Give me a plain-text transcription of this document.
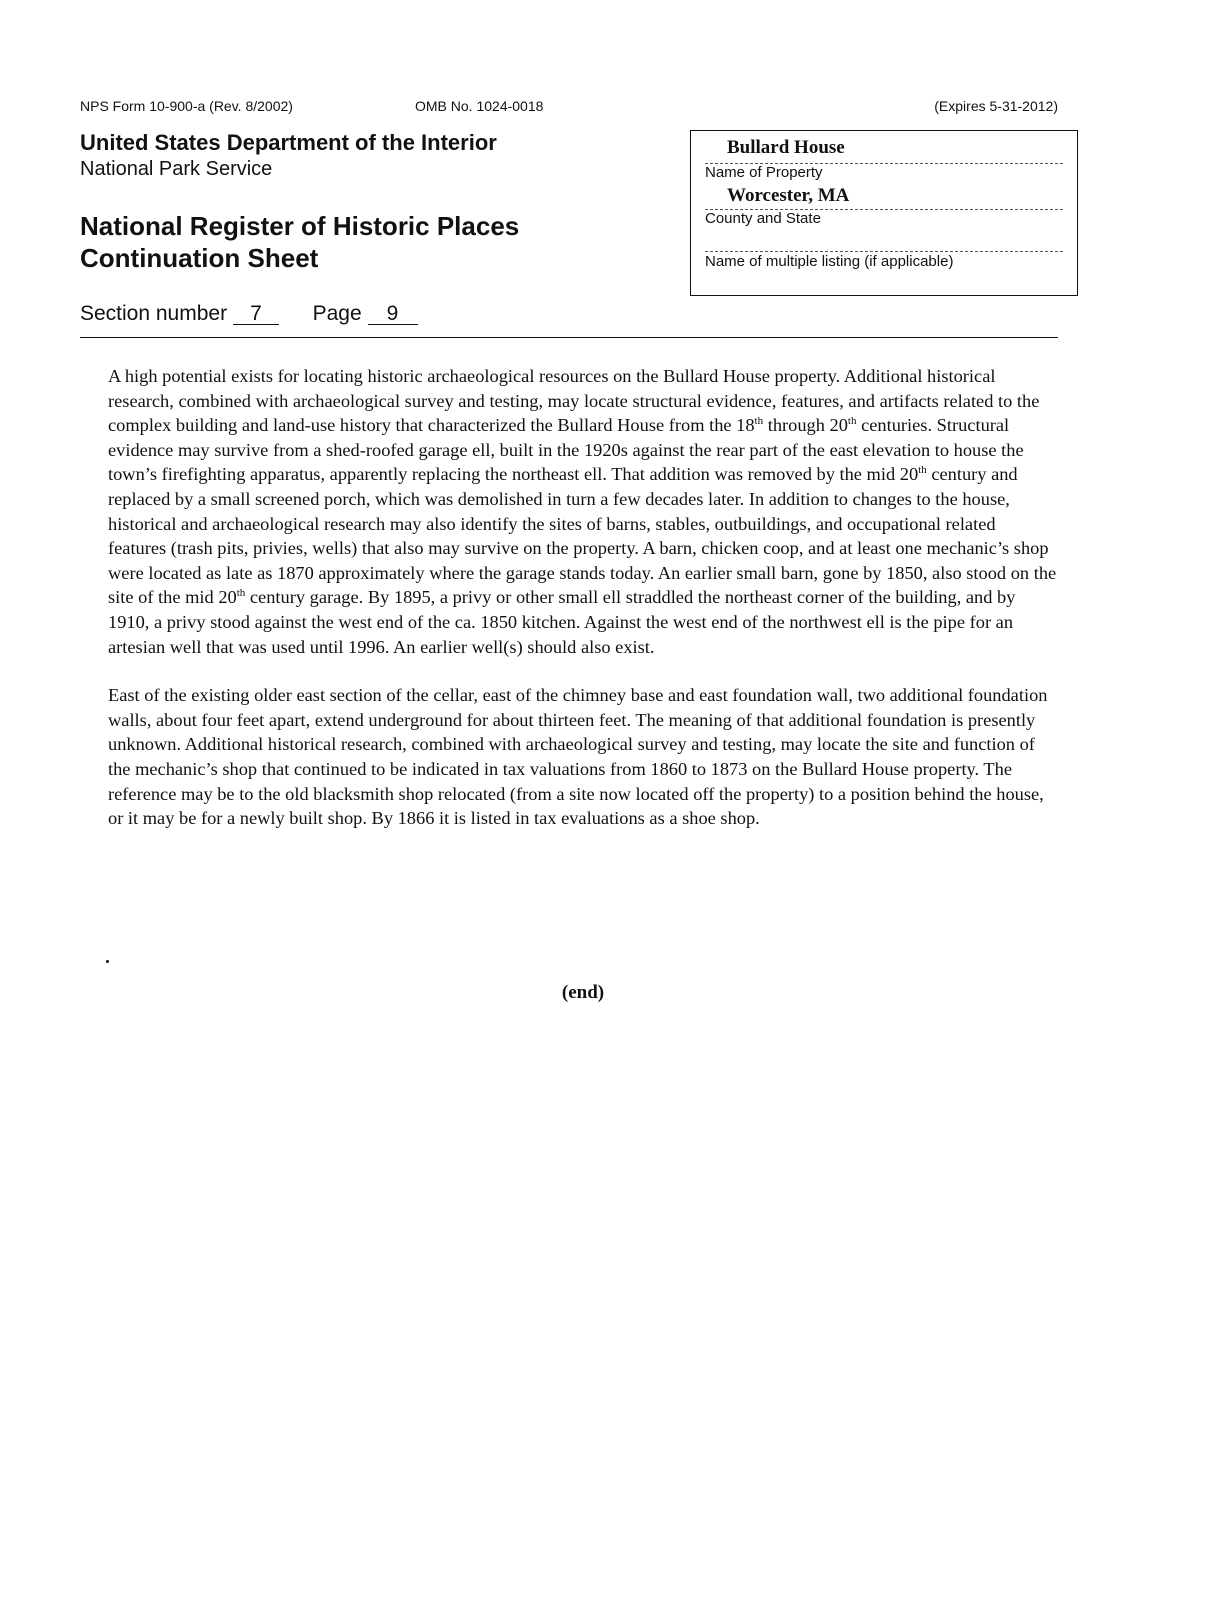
NPS Form 10-900-a (Rev. 8/2002)	OMB No. 1024-0018	(Expires 5-31-2012)
United States Department of the Interior
National Park Service
National Register of Historic Places
Continuation Sheet
Section number 7 Page 9
Bullard House
Name of Property
Worcester, MA
County and State
Name of multiple listing (if applicable)

A high potential exists for locating historic archaeological resources on the Bullard House property. Additional historical research, combined with archaeological survey and testing, may locate structural evidence, features, and artifacts related to the complex building and land-use history that characterized the Bullard House from the 18th through 20th centuries. Structural evidence may survive from a shed-roofed garage ell, built in the 1920s against the rear part of the east elevation to house the town’s firefighting apparatus, apparently replacing the northeast ell. That addition was removed by the mid 20th century and replaced by a small screened porch, which was demolished in turn a few decades later. In addition to changes to the house, historical and archaeological research may also identify the sites of barns, stables, outbuildings, and occupational related features (trash pits, privies, wells) that also may survive on the property. A barn, chicken coop, and at least one mechanic’s shop were located as late as 1870 approximately where the garage stands today. An earlier small barn, gone by 1850, also stood on the site of the mid 20th century garage. By 1895, a privy or other small ell straddled the northeast corner of the building, and by 1910, a privy stood against the west end of the ca. 1850 kitchen. Against the west end of the northwest ell is the pipe for an artesian well that was used until 1996. An earlier well(s) should also exist.

East of the existing older east section of the cellar, east of the chimney base and east foundation wall, two additional foundation walls, about four feet apart, extend underground for about thirteen feet. The meaning of that additional foundation is presently unknown. Additional historical research, combined with archaeological survey and testing, may locate the site and function of the mechanic’s shop that continued to be indicated in tax valuations from 1860 to 1873 on the Bullard House property. The reference may be to the old blacksmith shop relocated (from a site now located off the property) to a position behind the house, or it may be for a newly built shop. By 1866 it is listed in tax evaluations as a shoe shop.

(end)
